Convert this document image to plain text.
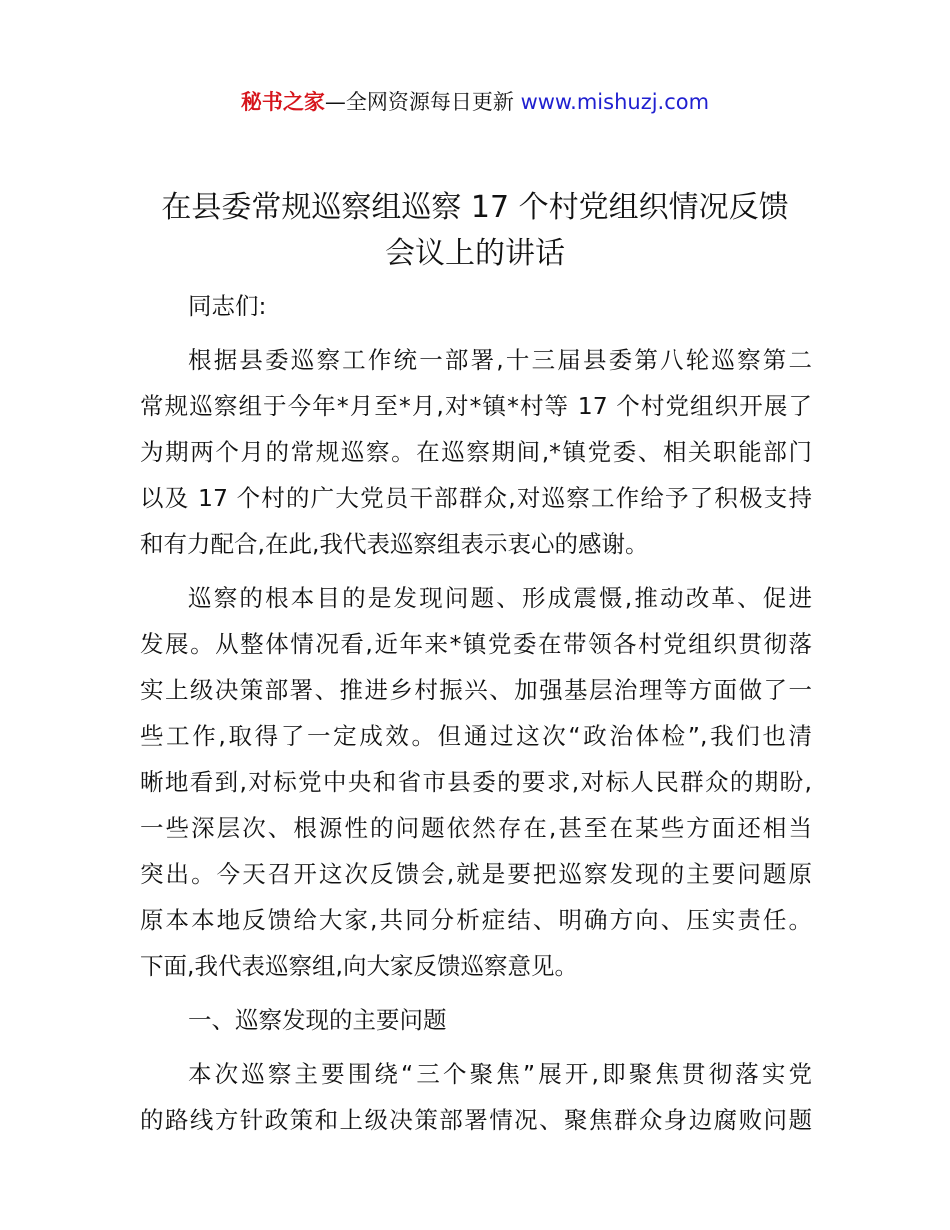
秘书之家—全网资源每日更新 www.mishuzj.com
在县委常规巡察组巡察 17 个村党组织情况反馈
会议上的讲话
同志们:

根据县委巡察工作统一部署,十三届县委第八轮巡察第二
常规巡察组于今年*月至*月,对*镇*村等 17 个村党组织开展了
为期两个月的常规巡察。在巡察期间,*镇党委、相关职能部门
以及 17 个村的广大党员干部群众,对巡察工作给予了积极支持
和有力配合,在此,我代表巡察组表示衷心的感谢。

巡察的根本目的是发现问题、形成震慑,推动改革、促进
发展。从整体情况看,近年来*镇党委在带领各村党组织贯彻落
实上级决策部署、推进乡村振兴、加强基层治理等方面做了一
些工作,取得了一定成效。但通过这次“政治体检”,我们也清
晰地看到,对标党中央和省市县委的要求,对标人民群众的期盼,
一些深层次、根源性的问题依然存在,甚至在某些方面还相当
突出。今天召开这次反馈会,就是要把巡察发现的主要问题原
原本本地反馈给大家,共同分析症结、明确方向、压实责任。
下面,我代表巡察组,向大家反馈巡察意见。

一、巡察发现的主要问题

本次巡察主要围绕“三个聚焦”展开,即聚焦贯彻落实党
的路线方针政策和上级决策部署情况、聚焦群众身边腐败问题
